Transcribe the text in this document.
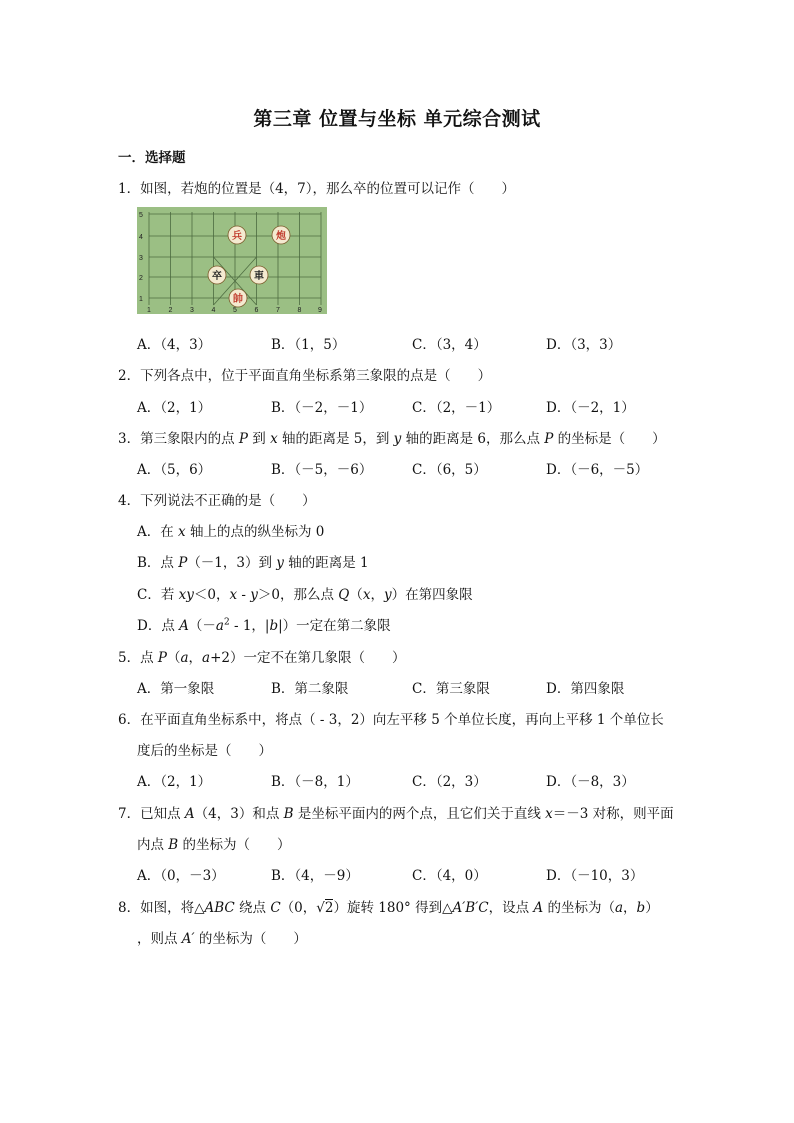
第三章 位置与坐标 单元综合测试
一．选择题
1．如图，若炮的位置是（4，7），那么卒的位置可以记作（　　）
5
4
3
2
1
1	2	3	4	5	6	7	8 9
兵	炮
卒	車
帥
A．（4，3）	B．（1，5）	C．（3，4）	D．（3，3）
2．下列各点中，位于平面直角坐标系第三象限的点是（　　）
A．（2，1）	B．（－2，－1）	C．（2，－1）	D．（－2，1）
3．第三象限内的点 P 到 x 轴的距离是 5，到 y 轴的距离是 6，那么点 P 的坐标是（　　）
A．（5，6）	B．（－5，－6）	C．（6，5）	D．（－6，－5）
4．下列说法不正确的是（　　）
A．在 x 轴上的点的纵坐标为 0
B．点 P（－1，3）到 y 轴的距离是 1
C．若 xy＜0，x - y＞0，那么点 Q（x，y）在第四象限
D．点 $A(-a^2 - 1$，|b|）一定在第二象限
5．点 P（a，a+2）一定不在第几象限（　　）
A．第一象限	B．第二象限	C．第三象限	D．第四象限
6．在平面直角坐标系中，将点（ - 3，2）向左平移 5 个单位长度，再向上平移 1 个单位长
度后的坐标是（　　）
A．（2，1）	B．（－8，1）	C．（2，3）	D．（－8，3）
7．已知点 A（4，3）和点 B 是坐标平面内的两个点，且它们关于直线 x＝－3 对称，则平面
内点 B 的坐标为（　　）
A．（0，－3）	B．（4，－9）	C．（4，0）	D．（－10，3）
8．如图，将△ABC 绕点 C（0，√2）旋转 180° 得到△A′B′C，设点 A 的坐标为（a，b）
，则点 A′ 的坐标为（　　）
